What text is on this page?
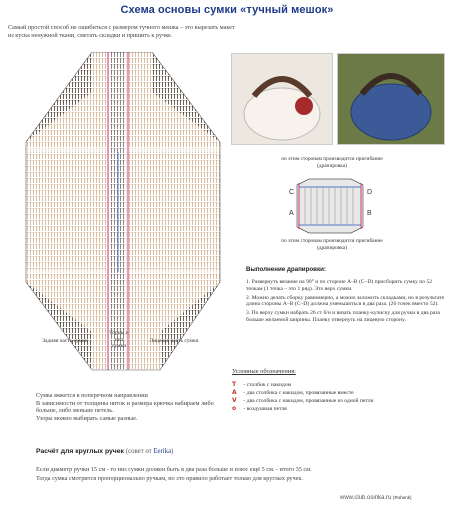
Схема основы сумки «тучный мешок»
Самый простой способ не ошибиться с размером тучного мешка – это вырезать макет из куска ненужной ткани, сметать складки и пришить к ручке.
Задняя часть сумки
Торцы и низ сумки
Лицевая часть сумки
по этим сторонам производится пригибание (драпировка)
C	D
A	B
по этим сторонам производится пригибание (драпировка)
Выполнение драпировки:

1. Развернуть вязание на 90° и по стороне А–В (С–D) присборить сумку по 52 точкам (1 точка – это 1 ряд). Это верх сумки.

2. Можно делать сборку равномерно, а можно заложить складками, но в результате длина стороны А–В (С–D) должна уменьшиться в два раза. (26 точек вместо 52).

3. По верху сумки набрать 26 ст б/н и вязать планку-кулиску для ручки в два раза больше желаемой ширины. Планку отвернуть на лицевую сторону.

Условные обозначения:
T - столбик с накидом
A - два столбика с накидом, провязанные вместе
V - два столбика с накидом, провязанные из одной петли
o - воздушная петля
Сумка вяжется в поперечном направлении
В зависимости от толщины ниток и размера крючка набираем либо больше, либо меньше петель.
Узоры можно выбирать самые разные.
Расчёт для круглых ручек (совет от Eerika)
Если диаметр ручки 15 см - то низ сумки должен быть в два раза больше и плюс ещё 5 см. - итого 35 см.
Тогда сумка смотрится пропорционально ручкам, но это правило работает только для круглых ручек.
www.club.osinka.ru (Robenk)
